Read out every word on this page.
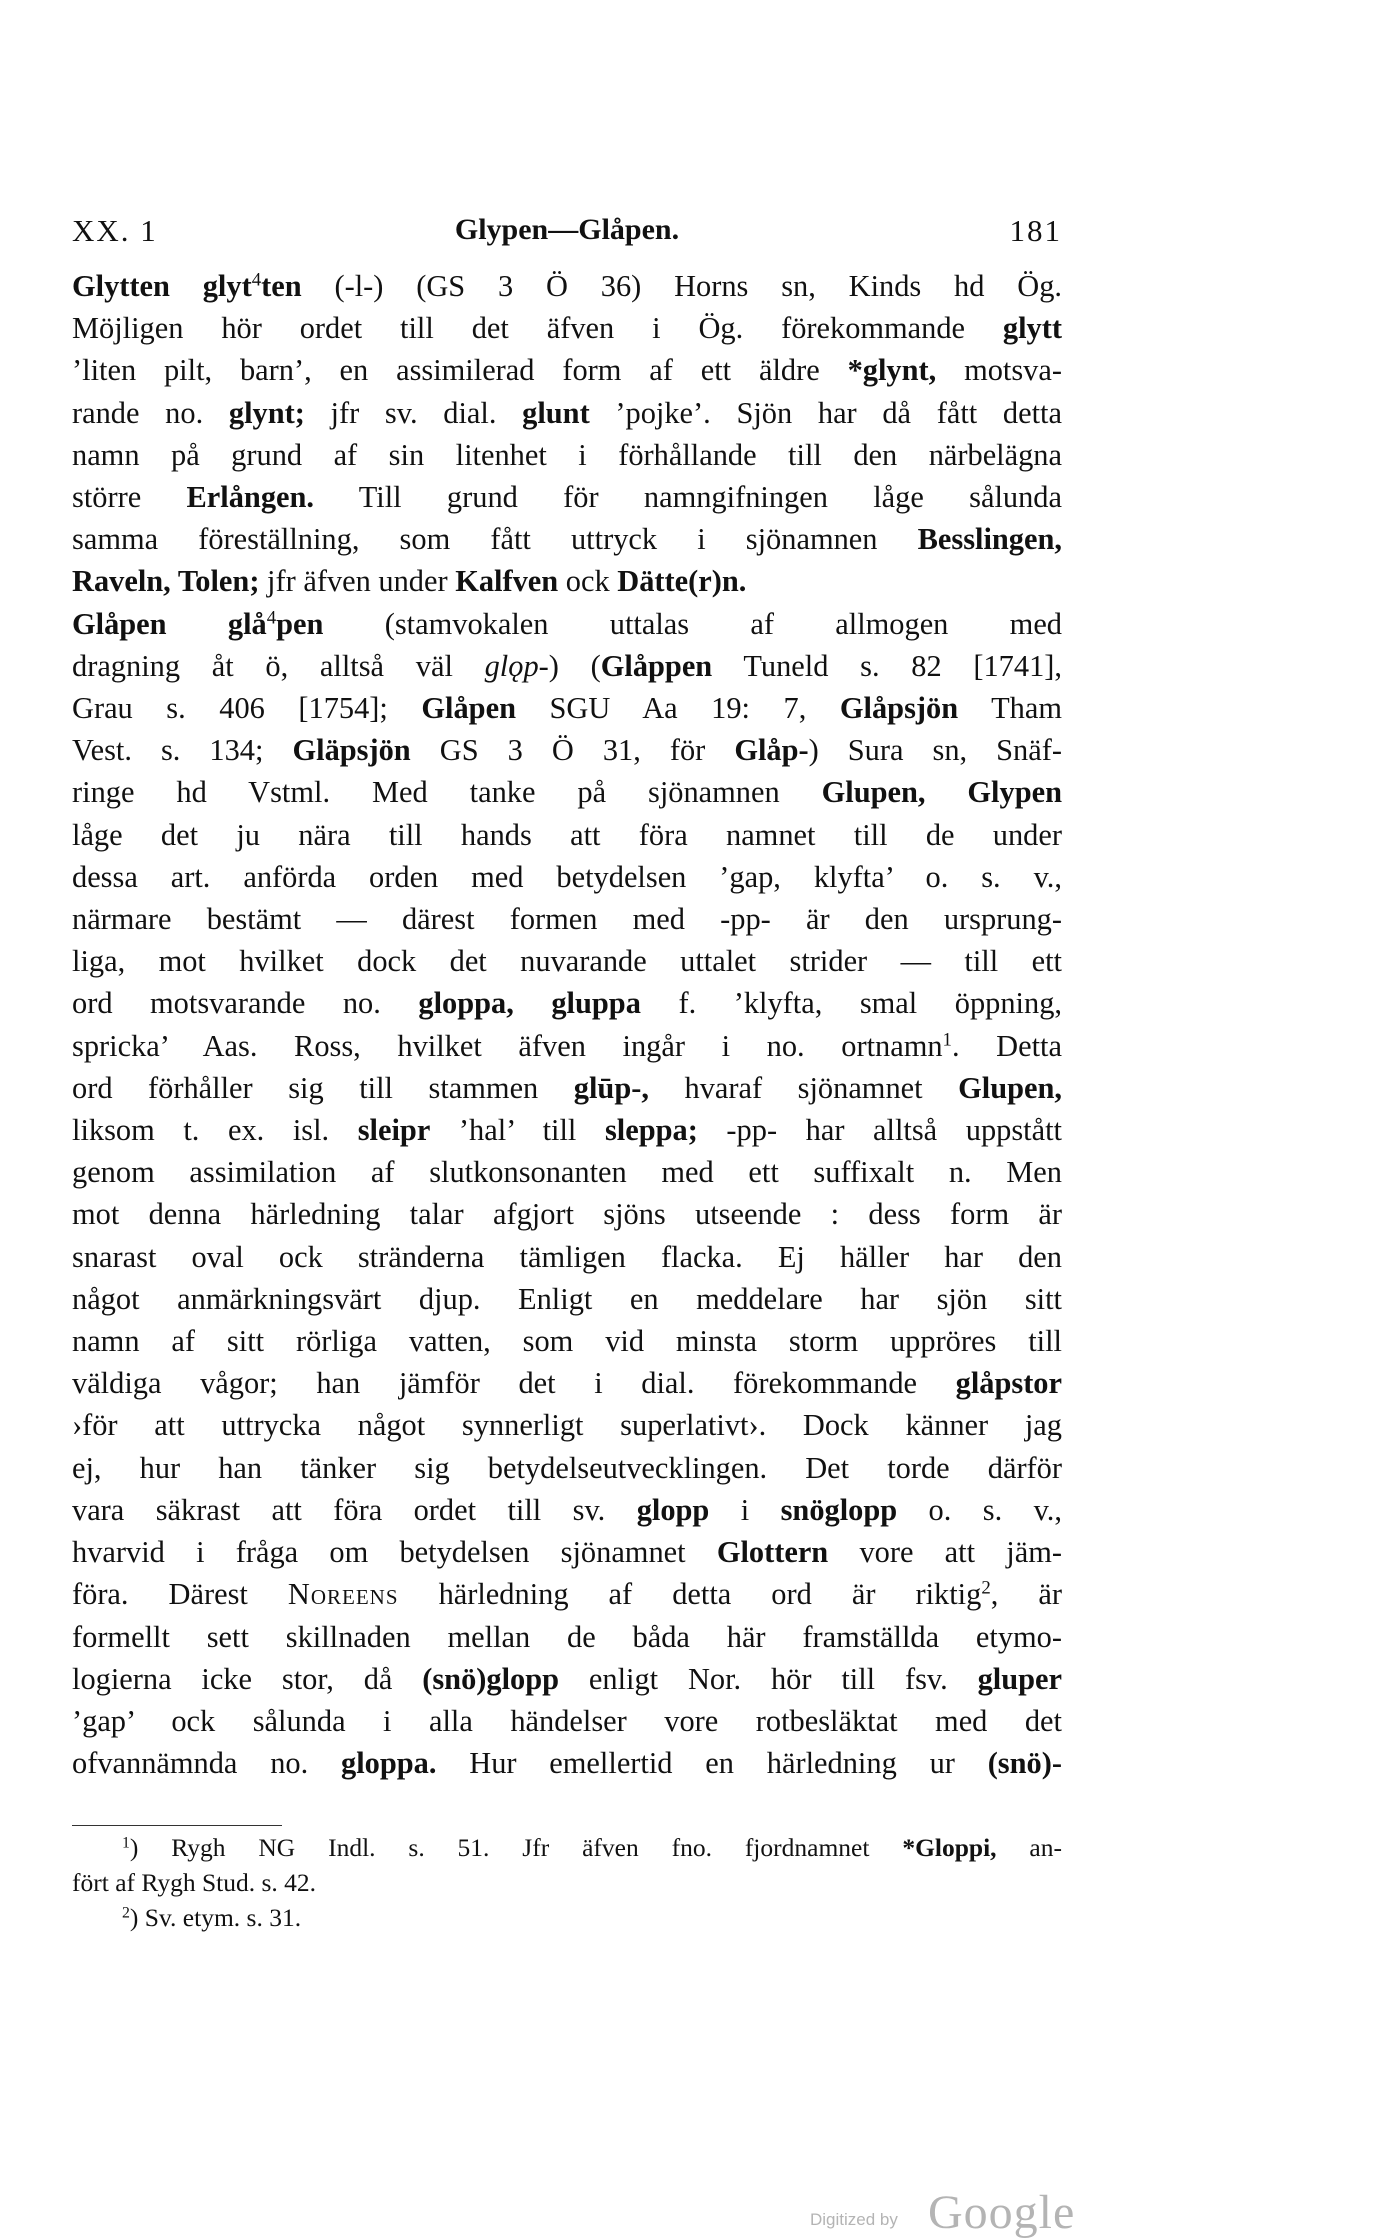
XX. 1	Glypen—Glåpen.	181
Glytten glyt$^4$ten (-l-) (GS 3 Ö 36) Horns sn, Kinds hd Ög.
Möjligen hör ordet till det äfven i Ög. förekommande glytt
’liten pilt, barn’, en assimilerad form af ett äldre *glynt, motsva-
rande no. glynt; jfr sv. dial. glunt ’pojke’. Sjön har då fått detta
namn på grund af sin litenhet i förhållande till den närbelägna
större Erlången. Till grund för namngifningen låge sålunda
samma föreställning, som fått uttryck i sjönamnen Besslingen,
Raveln, Tolen; jfr äfven under Kalfven ock Dätte(r)n.
Glåpen glå$^4$pen (stamvokalen uttalas af allmogen med
dragning åt ö, alltså väl glǫp-) (Glåppen Tuneld s. 82 [1741],
Grau s. 406 [1754]; Glåpen SGU Aa 19: 7, Glåpsjön Tham
Vest. s. 134; Gläpsjön GS 3 Ö 31, för Glåp-) Sura sn, Snäf-
ringe hd Vstml. Med tanke på sjönamnen Glupen, Glypen
låge det ju nära till hands att föra namnet till de under
dessa art. anförda orden med betydelsen ’gap, klyfta’ o. s. v.,
närmare bestämt — därest formen med -pp- är den ursprung-
liga, mot hvilket dock det nuvarande uttalet strider — till ett
ord motsvarande no. gloppa, gluppa f. ’klyfta, smal öppning,
spricka’ Aas. Ross, hvilket äfven ingår i no. ortnamn$^1$. Detta
ord förhåller sig till stammen glūp-, hvaraf sjönamnet Glupen,
liksom t. ex. isl. sleipr ’hal’ till sleppa; -pp- har alltså uppstått
genom assimilation af slutkonsonanten med ett suffixalt n. Men
mot denna härledning talar afgjort sjöns utseende : dess form är
snarast oval ock stränderna tämligen flacka. Ej häller har den
något anmärkningsvärt djup. Enligt en meddelare har sjön sitt
namn af sitt rörliga vatten, som vid minsta storm uppröres till
väldiga vågor; han jämför det i dial. förekommande glåpstor
›för att uttrycka något synnerligt superlativt›. Dock känner jag
ej, hur han tänker sig betydelseutvecklingen. Det torde därför
vara säkrast att föra ordet till sv. glopp i snöglopp o. s. v.,
hvarvid i fråga om betydelsen sjönamnet Glottern vore att jäm-
föra. Därest Noreens härledning af detta ord är riktig$^2$, är
formellt sett skillnaden mellan de båda här framställda etymo-
logierna icke stor, då (snö)glopp enligt Nor. hör till fsv. gluper
’gap’ ock sålunda i alla händelser vore rotbesläktat med det
ofvannämnda no. gloppa. Hur emellertid en härledning ur (snö)-
$^1$) Rygh NG Indl. s. 51. Jfr äfven fno. fjordnamnet *Gloppi, an-
fört af Rygh Stud. s. 42.
$^2$) Sv. etym. s. 31.
Digitized by Google
